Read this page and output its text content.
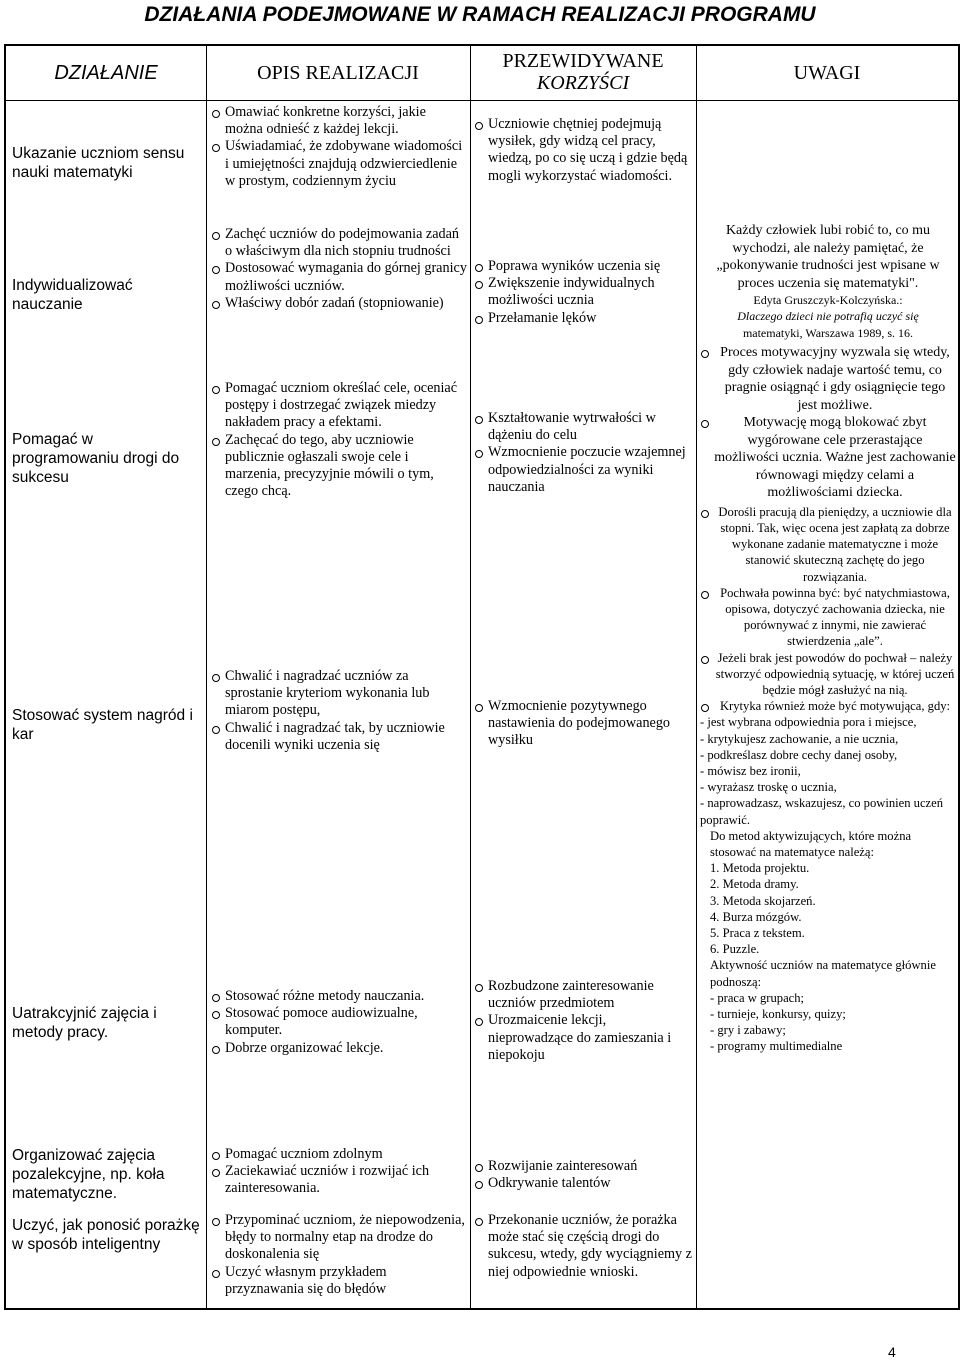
DZIAŁANIA PODEJMOWANE W RAMACH REALIZACJI PROGRAMU
DZIAŁANIE	OPIS REALIZACJI
PRZEWIDYWANE
KORZYŚCI	UWAGI
Ukazanie uczniom sensu nauki matematyki
Indywidualizować nauczanie
Pomagać w programowaniu drogi do sukcesu
Stosować system nagród i kar
Uatrakcyjnić zajęcia i metody pracy.
Organizować zajęcia pozalekcyjne, np. koła matematyczne.
Uczyć, jak ponosić porażkę w sposób inteligentny
Omawiać konkretne korzyści, jakie można odnieść z każdej lekcji.
Uświadamiać, że zdobywane wiadomości i umiejętności znajdują odzwierciedlenie w prostym, codziennym życiu
Zachęć uczniów do podejmowania zadań o właściwym dla nich stopniu trudności
Dostosować wymagania do górnej granicy możliwości uczniów.
Właściwy dobór zadań (stopniowanie)
Pomagać uczniom określać cele, oceniać postępy i dostrzegać związek miedzy nakładem pracy a efektami.
Zachęcać do tego, aby uczniowie publicznie ogłaszali swoje cele i marzenia, precyzyjnie mówili o tym, czego chcą.
Chwalić i nagradzać uczniów za sprostanie kryteriom wykonania lub miarom postępu,
Chwalić i nagradzać tak, by uczniowie docenili wyniki uczenia się
Stosować różne metody nauczania.
Stosować pomoce audiowizualne, komputer.
Dobrze organizować lekcje.
Pomagać uczniom zdolnym
Zaciekawiać uczniów i rozwijać ich zainteresowania.
Przypominać uczniom, że niepowodzenia, błędy to normalny etap na drodze do doskonalenia się
Uczyć własnym przykładem przyznawania się do błędów
Uczniowie chętniej podejmują wysiłek, gdy widzą cel pracy, wiedzą, po co się uczą i gdzie będą mogli wykorzystać wiadomości.
Poprawa wyników uczenia się
Zwiększenie indywidualnych możliwości ucznia
Przełamanie lęków
Kształtowanie wytrwałości w dążeniu do celu
Wzmocnienie poczucie wzajemnej odpowiedzialności za wyniki nauczania
Wzmocnienie pozytywnego nastawienia do podejmowanego wysiłku
Rozbudzone zainteresowanie uczniów przedmiotem
Urozmaicenie lekcji, nieprowadzące do zamieszania i niepokoju
Rozwijanie zainteresowań
Odkrywanie talentów
Przekonanie uczniów, że porażka może stać się częścią drogi do sukcesu, wtedy, gdy wyciągniemy z niej odpowiednie wnioski.
Każdy człowiek lubi robić to, co mu wychodzi, ale należy pamiętać, że „pokonywanie trudności jest wpisane w proces uczenia się matematyki".
Edyta Gruszczyk-Kolczyńska.:
Dlaczego dzieci nie potrafią uczyć się
matematyki, Warszawa 1989, s. 16.
Proces motywacyjny wyzwala się wtedy, gdy człowiek nadaje wartość temu, co pragnie osiągnąć i gdy osiągnięcie tego jest możliwe.
Motywację mogą blokować zbyt wygórowane cele przerastające możliwości ucznia. Ważne jest zachowanie równowagi między celami a możliwościami dziecka.
Dorośli pracują dla pieniędzy, a uczniowie dla stopni. Tak, więc ocena jest zapłatą za dobrze wykonane zadanie matematyczne i może stanowić skuteczną zachętę do jego rozwiązania.
Pochwała powinna być: być natychmiastowa, opisowa, dotyczyć zachowania dziecka, nie porównywać z innymi, nie zawierać stwierdzenia „ale”.
Jeżeli brak jest powodów do pochwał – należy stworzyć odpowiednią sytuację, w której uczeń będzie mógł zasłużyć na nią.
Krytyka również może być motywująca, gdy:
- jest wybrana odpowiednia pora i miejsce,
- krytykujesz zachowanie, a nie ucznia,
- podkreślasz dobre cechy danej osoby,
- mówisz bez ironii,
- wyrażasz troskę o ucznia,
- naprowadzasz, wskazujesz, co powinien uczeń poprawić.
Do metod aktywizujących, które można stosować na matematyce należą:
1. Metoda projektu.
2. Metoda dramy.
3. Metoda skojarzeń.
4. Burza mózgów.
5. Praca z tekstem.
6. Puzzle.
Aktywność uczniów na matematyce głównie podnoszą:
- praca w grupach;
- turnieje, konkursy, quizy;
- gry i zabawy;
- programy multimedialne
4
